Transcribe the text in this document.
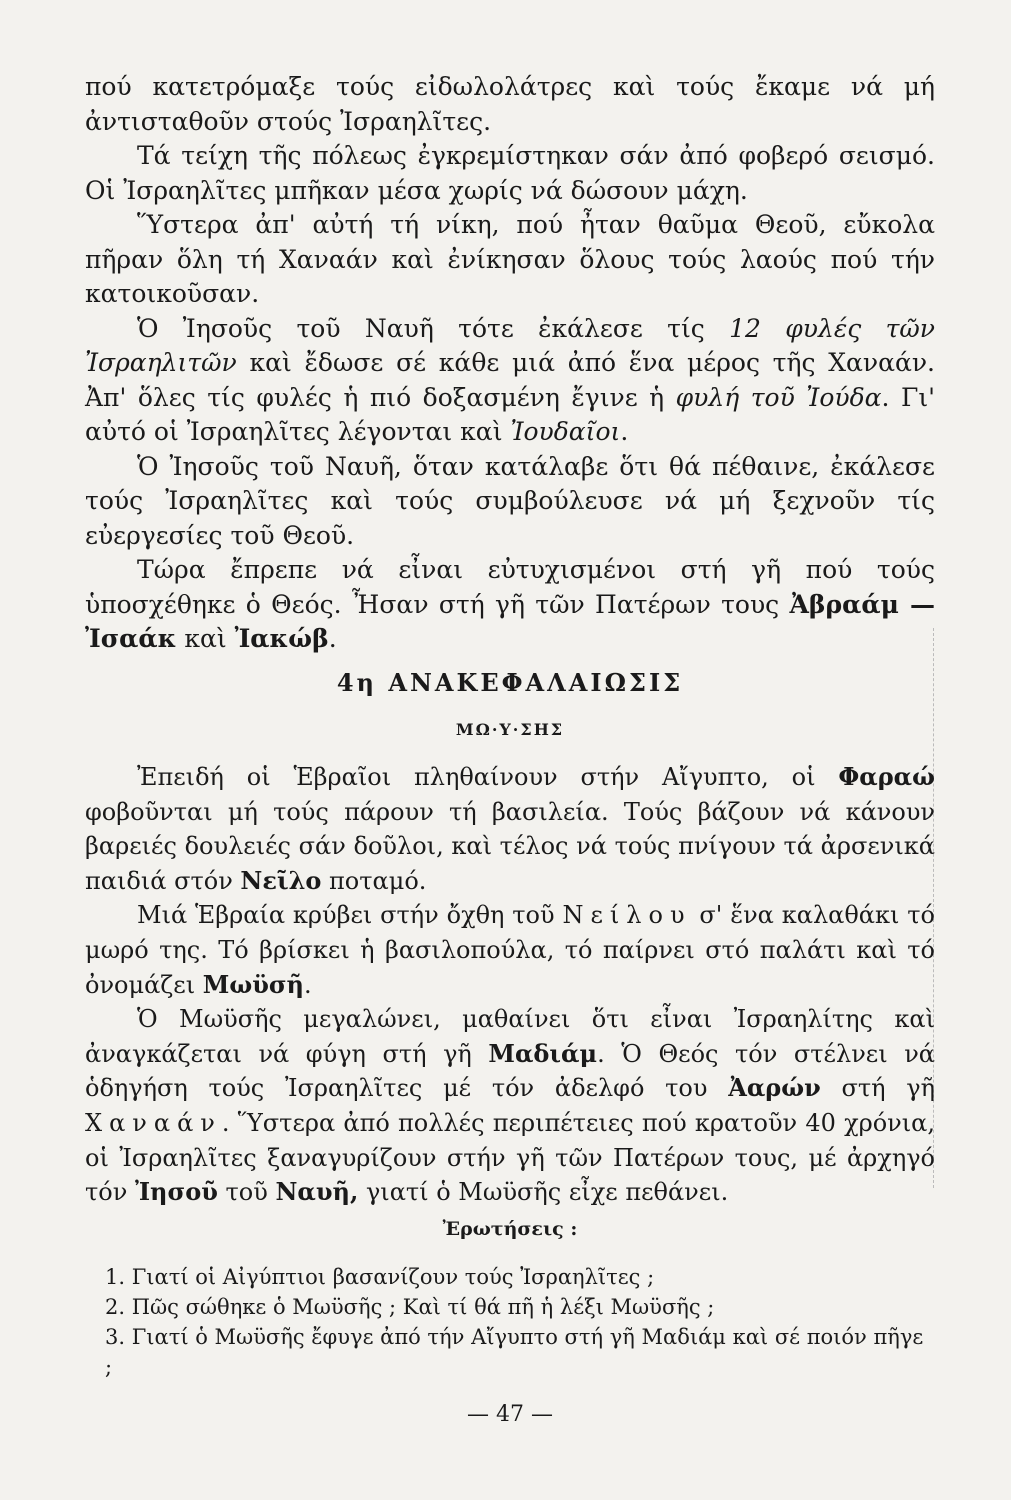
πού κατετρόμαξε τούς εἰδωλολάτρες καὶ τούς ἔκαμε νά μή ἀντισταθοῦν στούς Ἰσραηλῖτες.

Τά τείχη τῆς πόλεως ἐγκρεμίστηκαν σάν ἀπό φοβερό σεισμό. Οἱ Ἰσραηλῖτες μπῆκαν μέσα χωρίς νά δώσουν μάχη.

Ὕστερα ἀπ' αὐτή τή νίκη, πού ἦταν θαῦμα Θεοῦ, εὔκολα πῆραν ὅλη τή Χαναάν καὶ ἐνίκησαν ὅλους τούς λαούς πού τήν κατοικοῦσαν.

Ὁ Ἰησοῦς τοῦ Ναυῆ τότε ἐκάλεσε τίς 12 φυλές τῶν Ἰσραηλιτῶν καὶ ἔδωσε σέ κάθε μιά ἀπό ἕνα μέρος τῆς Χαναάν. Ἀπ' ὅλες τίς φυλές ἡ πιό δοξασμένη ἔγινε ἡ φυλή τοῦ Ἰούδα. Γι' αὐτό οἱ Ἰσραηλῖτες λέγονται καὶ Ἰουδαῖοι.

Ὁ Ἰησοῦς τοῦ Ναυῆ, ὅταν κατάλαβε ὅτι θά πέθαινε, ἐκάλεσε τούς Ἰσραηλῖτες καὶ τούς συμβούλευσε νά μή ξεχνοῦν τίς εὐεργεσίες τοῦ Θεοῦ.

Τώρα ἔπρεπε νά εἶναι εὐτυχισμένοι στή γῆ πού τούς ὑποσχέθηκε ὁ Θεός. Ἦσαν στή γῆ τῶν Πατέρων τους Ἀβραάμ — Ἰσαάκ καὶ Ἰακώβ.

4η ΑΝΑΚΕΦΑΛΑΙΩΣΙΣ
ΜΩ·Υ·ΣΗΣ

Ἐπειδή οἱ Ἑβραῖοι πληθαίνουν στήν Αἴγυπτο, οἱ Φαραώ φοβοῦνται μή τούς πάρουν τή βασιλεία. Τούς βάζουν νά κάνουν βαρειές δουλειές σάν δοῦλοι, καὶ τέλος νά τούς πνίγουν τά ἀρσενικά παιδιά στόν Νεῖλο ποταμό.

Μιά Ἑβραία κρύβει στήν ὄχθη τοῦ Νείλου σ' ἕνα καλαθάκι τό μωρό της. Τό βρίσκει ἡ βασιλοπούλα, τό παίρνει στό παλάτι καὶ τό ὀνομάζει Μωϋσῆ.

Ὁ Μωϋσῆς μεγαλώνει, μαθαίνει ὅτι εἶναι Ἰσραηλίτης καὶ ἀναγκάζεται νά φύγη στή γῆ Μαδιάμ. Ὁ Θεός τόν στέλνει νά ὁδηγήση τούς Ἰσραηλῖτες μέ τόν ἀδελφό του Ἀαρών στή γῆ Χαναάν. Ὕστερα ἀπό πολλές περιπέτειες πού κρατοῦν 40 χρόνια, οἱ Ἰσραηλῖτες ξαναγυρίζουν στήν γῆ τῶν Πατέρων τους, μέ ἀρχηγό τόν Ἰησοῦ τοῦ Ναυῆ, γιατί ὁ Μωϋσῆς εἶχε πεθάνει.

Ἐρωτήσεις :

1. Γιατί οἱ Αἰγύπτιοι βασανίζουν τούς Ἰσραηλῖτες ;

2. Πῶς σώθηκε ὁ Μωϋσῆς ; Καὶ τί θά πῆ ἡ λέξι Μωϋσῆς ;

3. Γιατί ὁ Μωϋσῆς ἔφυγε ἀπό τήν Αἴγυπτο στή γῆ Μαδιάμ καὶ σέ ποιόν πῆγε ;

— 47 —
